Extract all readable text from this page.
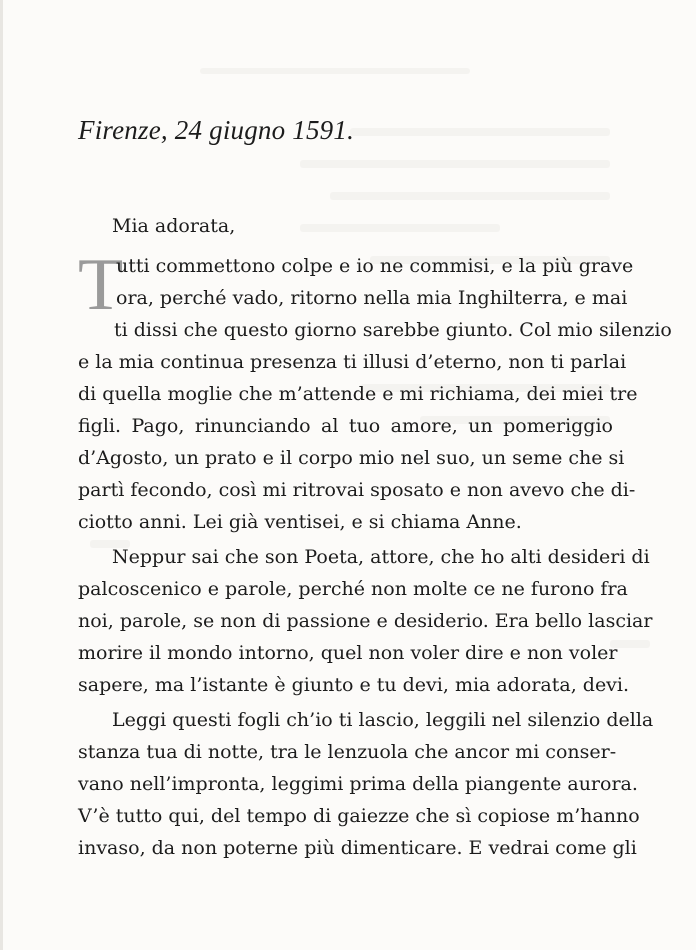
Firenze, 24 giugno 1591.

Mia adorata,

T
utti commettono colpe e io ne commisi, e la più grave
ora, perché vado, ritorno nella mia Inghilterra, e mai
ti dissi che questo giorno sarebbe giunto. Col mio silenzio
e la mia continua presenza ti illusi d’eterno, non ti parlai
di quella moglie che m’attende e mi richiama, dei miei tre
figli. Pago, rinunciando al tuo amore, un pomeriggio
d’Agosto, un prato e il corpo mio nel suo, un seme che si
partì fecondo, così mi ritrovai sposato e non avevo che di-
ciotto anni. Lei già ventisei, e si chiama Anne.
Neppur sai che son Poeta, attore, che ho alti desideri di
palcoscenico e parole, perché non molte ce ne furono fra
noi, parole, se non di passione e desiderio. Era bello lasciar
morire il mondo intorno, quel non voler dire e non voler
sapere, ma l’istante è giunto e tu devi, mia adorata, devi.
Leggi questi fogli ch’io ti lascio, leggili nel silenzio della
stanza tua di notte, tra le lenzuola che ancor mi conser-
vano nell’impronta, leggimi prima della piangente aurora.
V’è tutto qui, del tempo di gaiezze che sì copiose m’hanno
invaso, da non poterne più dimenticare. E vedrai come gli
